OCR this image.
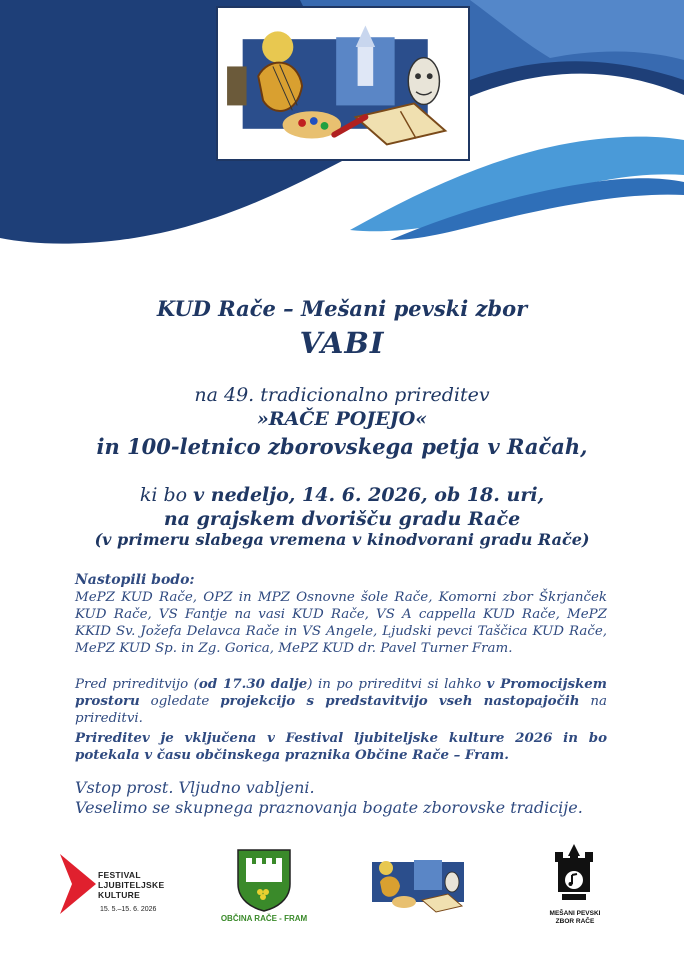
KUD Rače – Mešani pevski zbor
VABI
na 49. tradicionalno prireditev
»RAČE POJEJO«
in 100-letnico zborovskega petja v Račah,
ki bo v nedeljo, 14. 6. 2026, ob 18. uri,
na grajskem dvorišču gradu Rače
(v primeru slabega vremena v kinodvorani gradu Rače)
Nastopili bodo:
MePZ KUD Rače, OPZ in MPZ Osnovne šole Rače, Komorni zbor Škrjanček KUD Rače, VS Fantje na vasi KUD Rače, VS A cappella KUD Rače, MePZ KKID Sv. Jožefa Delavca Rače in VS Angele, Ljudski pevci Taščica KUD Rače, MePZ KUD Sp. in Zg. Gorica, MePZ KUD dr. Pavel Turner Fram.
Pred prireditvijo (od 17.30 dalje) in po prireditvi si lahko v Promocijskem prostoru ogledate projekcijo s predstavitvijo vseh nastopajočih na prireditvi.
Prireditev je vključena v Festival ljubiteljske kulture 2026 in bo potekala v času občinskega praznika Občine Rače – Fram.
Vstop prost. Vljudno vabljeni.
Veselimo se skupnega praznovanja bogate zborovske tradicije.
FESTIVAL
LJUBITELJSKE
KULTURE
15. 5.–15. 6. 2026
OBČINA RAČE - FRAM
MEŠANI PEVSKI
ZBOR RAČE
